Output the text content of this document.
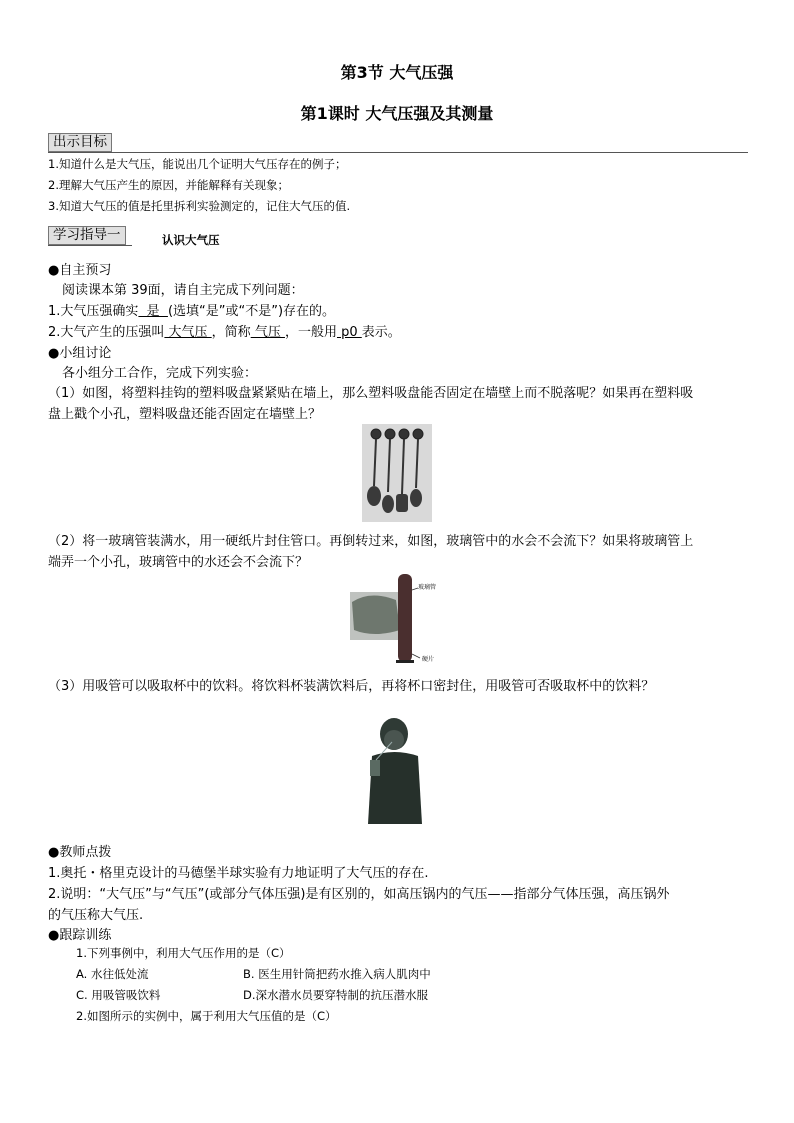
第3节 大气压强
第1课时 大气压强及其测量
出示目标
1.知道什么是大气压，能说出几个证明大气压存在的例子；
2.理解大气压产生的原因，并能解释有关现象；
3.知道大气压的值是托里拆利实验测定的，记住大气压的值.
学习指导一	认识大气压
●自主预习
阅读课本第 39面，请自主完成下列问题：
1.大气压强确实  是  (选填“是”或“不是”)存在的。
2.大气产生的压强叫 大气压 ，简称 气压 ，一般用 p0 表示。
●小组讨论
各小组分工合作，完成下列实验：
（1）如图，将塑料挂钩的塑料吸盘紧紧贴在墙上，那么塑料吸盘能否固定在墙壁上而不脱落呢？如果再在塑料吸
盘上戳个小孔，塑料吸盘还能否固定在墙壁上？
（2）将一玻璃管装满水，用一硬纸片封住管口。再倒转过来，如图，玻璃管中的水会不会流下？如果将玻璃管上
端弄一个小孔，玻璃管中的水还会不会流下？
玻璃管
硬片
（3）用吸管可以吸取杯中的饮料。将饮料杯装满饮料后，再将杯口密封住，用吸管可否吸取杯中的饮料？
●教师点拨
1.奥托・格里克设计的马德堡半球实验有力地证明了大气压的存在.
2.说明：“大气压”与“气压”(或部分气体压强)是有区别的，如高压锅内的气压——指部分气体压强，高压锅外
的气压称大气压.
●跟踪训练
1.下列事例中，利用大气压作用的是（C）
A. 水往低处流	B. 医生用针筒把药水推入病人肌肉中
C. 用吸管吸饮料	D.深水潜水员要穿特制的抗压潜水服
2.如图所示的实例中，属于利用大气压值的是（C）
